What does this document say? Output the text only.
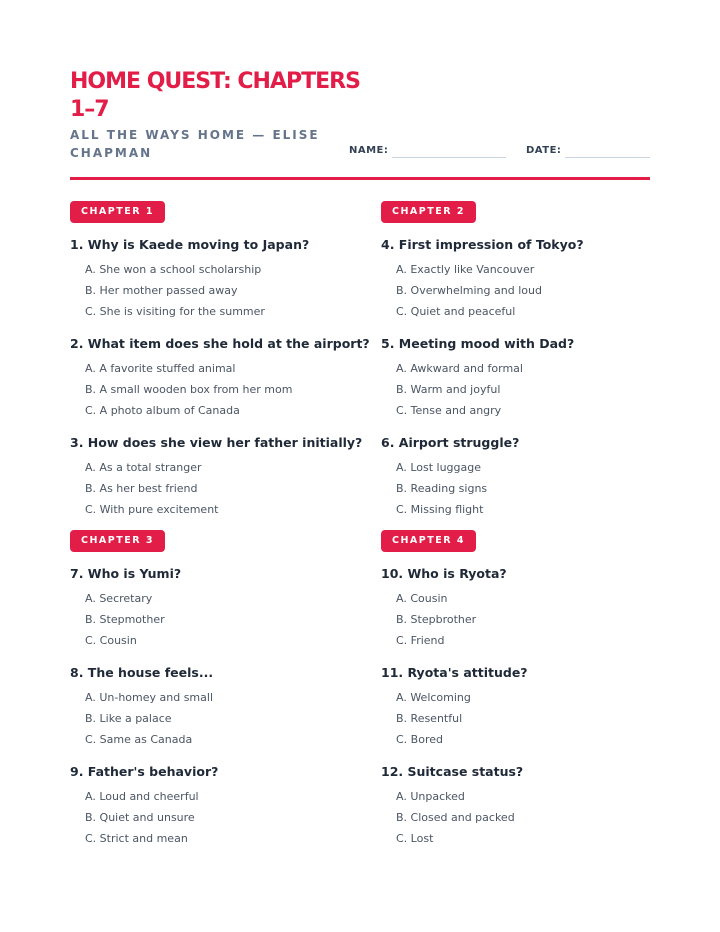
HOME QUEST: CHAPTERS 1–7
ALL THE WAYS HOME — ELISE CHAPMAN	NAME:	DATE:
CHAPTER 1
1. Why is Kaede moving to Japan?
A. She won a school scholarship
B. Her mother passed away
C. She is visiting for the summer
2. What item does she hold at the airport?
A. A favorite stuffed animal
B. A small wooden box from her mom
C. A photo album of Canada
3. How does she view her father initially?
A. As a total stranger
B. As her best friend
C. With pure excitement
CHAPTER 2
4. First impression of Tokyo?
A. Exactly like Vancouver
B. Overwhelming and loud
C. Quiet and peaceful
5. Meeting mood with Dad?
A. Awkward and formal
B. Warm and joyful
C. Tense and angry
6. Airport struggle?
A. Lost luggage
B. Reading signs
C. Missing flight
CHAPTER 3
7. Who is Yumi?
A. Secretary
B. Stepmother
C. Cousin
8. The house feels...
A. Un-homey and small
B. Like a palace
C. Same as Canada
9. Father's behavior?
A. Loud and cheerful
B. Quiet and unsure
C. Strict and mean
CHAPTER 4
10. Who is Ryota?
A. Cousin
B. Stepbrother
C. Friend
11. Ryota's attitude?
A. Welcoming
B. Resentful
C. Bored
12. Suitcase status?
A. Unpacked
B. Closed and packed
C. Lost
